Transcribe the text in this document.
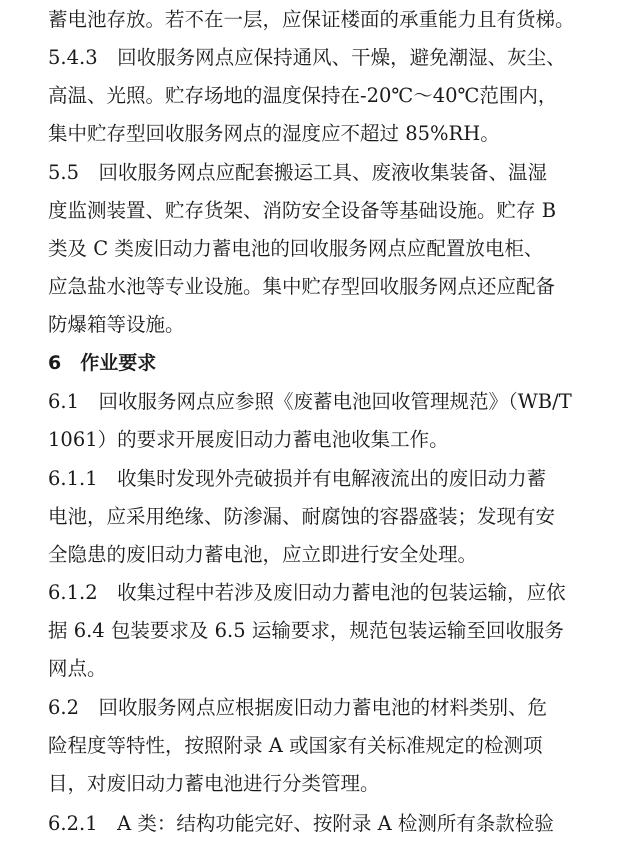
蓄电池存放。若不在一层，应保证楼面的承重能力且有货梯。
5.4.3　回收服务网点应保持通风、干燥，避免潮湿、灰尘、
高温、光照。贮存场地的温度保持在-20℃～40℃范围内，
集中贮存型回收服务网点的湿度应不超过 85%RH。
5.5　回收服务网点应配套搬运工具、废液收集装备、温湿
度监测装置、贮存货架、消防安全设备等基础设施。贮存 B
类及 C 类废旧动力蓄电池的回收服务网点应配置放电柜、
应急盐水池等专业设施。集中贮存型回收服务网点还应配备
防爆箱等设施。
6　作业要求
6.1　回收服务网点应参照《废蓄电池回收管理规范》（WB/T
1061）的要求开展废旧动力蓄电池收集工作。
6.1.1　收集时发现外壳破损并有电解液流出的废旧动力蓄
电池，应采用绝缘、防渗漏、耐腐蚀的容器盛装；发现有安
全隐患的废旧动力蓄电池，应立即进行安全处理。
6.1.2　收集过程中若涉及废旧动力蓄电池的包装运输，应依
据 6.4 包装要求及 6.5 运输要求，规范包装运输至回收服务
网点。
6.2　回收服务网点应根据废旧动力蓄电池的材料类别、危
险程度等特性，按照附录 A 或国家有关标准规定的检测项
目，对废旧动力蓄电池进行分类管理。
6.2.1　A 类：结构功能完好、按附录 A 检测所有条款检验
